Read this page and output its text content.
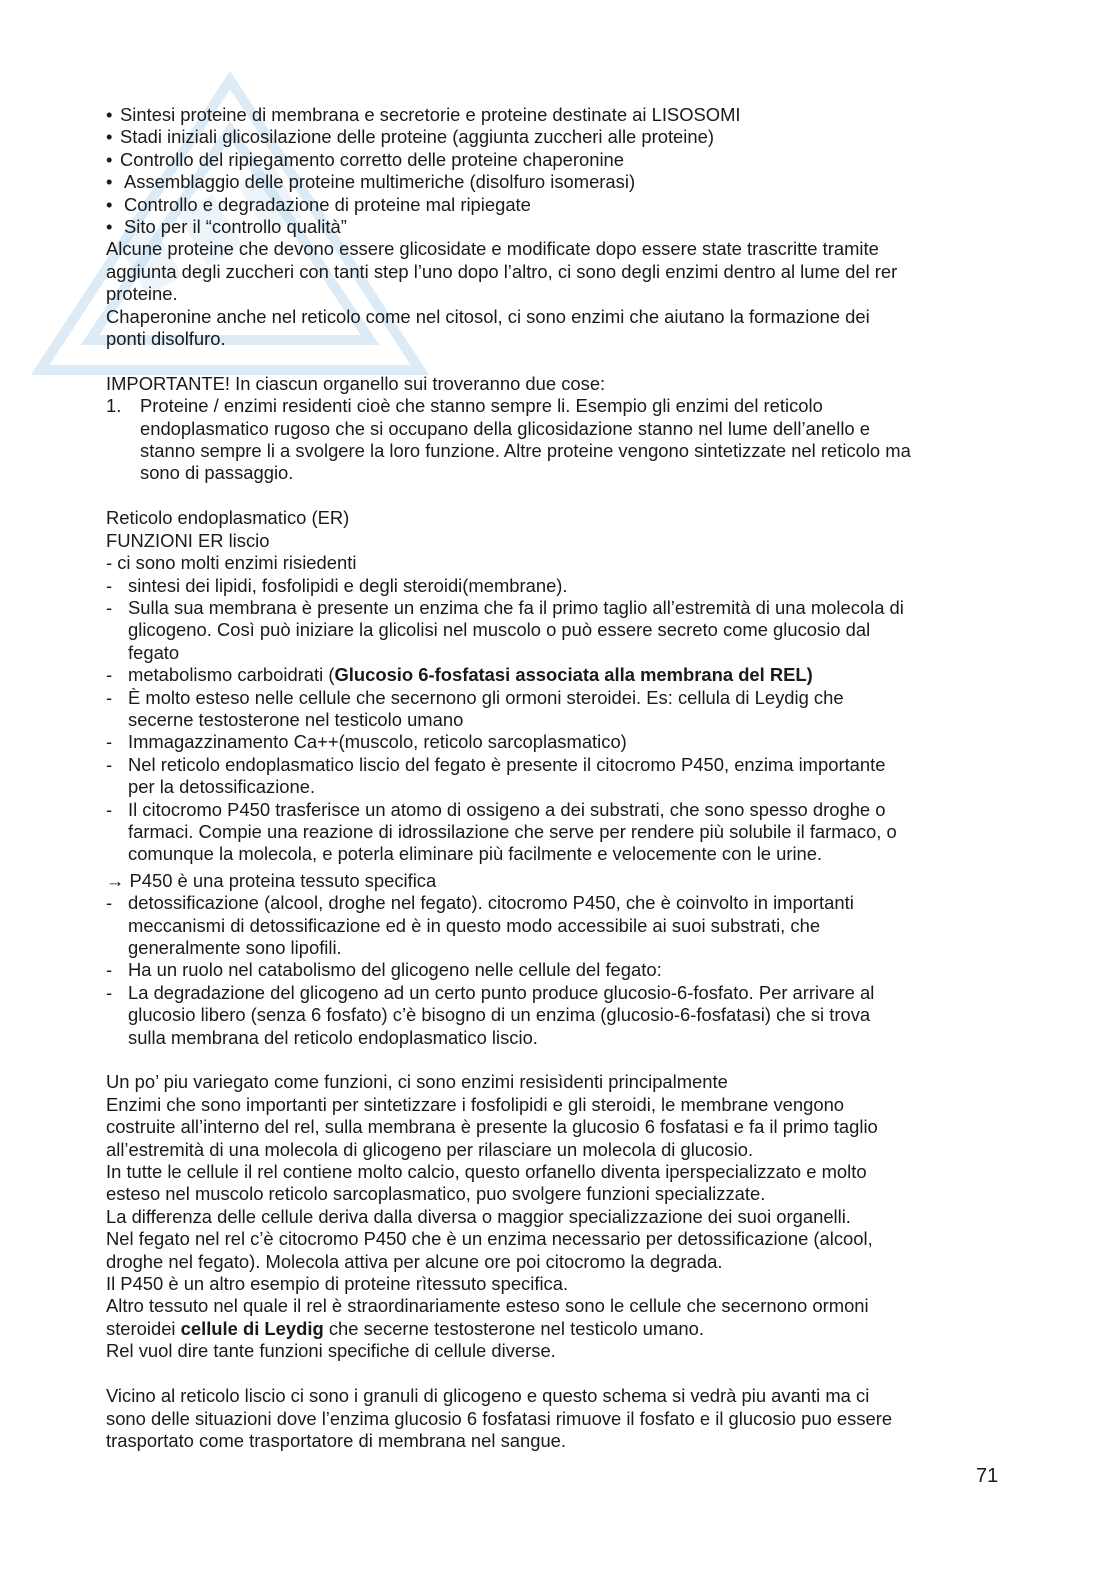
• Sintesi proteine di membrana e secretorie e proteine destinate ai LISOSOMI
• Stadi iniziali glicosilazione delle proteine (aggiunta zuccheri alle proteine)
• Controllo del ripiegamento corretto delle proteine chaperonine
• Assemblaggio delle proteine multimeriche (disolfuro isomerasi)
• Controllo e degradazione di proteine mal ripiegate
• Sito per il “controllo qualità”
Alcune proteine che devono essere glicosidate e modificate dopo essere state trascritte tramite
aggiunta degli zuccheri con tanti step l’uno dopo l’altro, ci sono degli enzimi dentro al lume del rer
proteine.
Chaperonine anche nel reticolo come nel citosol, ci sono enzimi che aiutano la formazione dei
ponti disolfuro.
IMPORTANTE! In ciascun organello sui troveranno due cose:
1.	Proteine / enzimi residenti cioè che stanno sempre li. Esempio gli enzimi del reticolo
endoplasmatico rugoso che si occupano della glicosidazione stanno nel lume dell’anello e
stanno sempre li a svolgere la loro funzione. Altre proteine vengono sintetizzate nel reticolo ma
sono di passaggio.
Reticolo endoplasmatico (ER)
FUNZIONI ER liscio
- ci sono molti enzimi risiedenti
- sintesi dei lipidi, fosfolipidi e degli steroidi(membrane).
- Sulla sua membrana è presente un enzima che fa il primo taglio all’estremità di una molecola di
glicogeno. Così può iniziare la glicolisi nel muscolo o può essere secreto come glucosio dal
fegato
- metabolismo carboidrati (Glucosio 6-fosfatasi associata alla membrana del REL)
- È molto esteso nelle cellule che secernono gli ormoni steroidei. Es: cellula di Leydig che
secerne testosterone nel testicolo umano
- Immagazzinamento Ca++(muscolo, reticolo sarcoplasmatico)
- Nel reticolo endoplasmatico liscio del fegato è presente il citocromo P450, enzima importante
per la detossificazione.
- Il citocromo P450 trasferisce un atomo di ossigeno a dei substrati, che sono spesso droghe o
farmaci. Compie una reazione di idrossilazione che serve per rendere più solubile il farmaco, o
comunque la molecola, e poterla eliminare più facilmente e velocemente con le urine.
→ P450 è una proteina tessuto specifica
- detossificazione (alcool, droghe nel fegato). citocromo P450, che è coinvolto in importanti
meccanismi di detossificazione ed è in questo modo accessibile ai suoi substrati, che
generalmente sono lipofili.
- Ha un ruolo nel catabolismo del glicogeno nelle cellule del fegato:
- La degradazione del glicogeno ad un certo punto produce glucosio-6-fosfato. Per arrivare al
glucosio libero (senza 6 fosfato) c’è bisogno di un enzima (glucosio-6-fosfatasi) che si trova
sulla membrana del reticolo endoplasmatico liscio.
Un po’ piu variegato come funzioni, ci sono enzimi resisìdenti principalmente
Enzimi che sono importanti per sintetizzare i fosfolipidi e gli steroidi, le membrane vengono
costruite all’interno del rel, sulla membrana è presente la glucosio 6 fosfatasi e fa il primo taglio
all’estremità di una molecola di glicogeno per rilasciare un molecola di glucosio.
In tutte le cellule il rel contiene molto calcio, questo orfanello diventa iperspecializzato e molto
esteso nel muscolo reticolo sarcoplasmatico, puo svolgere funzioni specializzate.
La differenza delle cellule deriva dalla diversa o maggior specializzazione dei suoi organelli.
Nel fegato nel rel c’è citocromo P450 che è un enzima necessario per detossificazione (alcool,
droghe nel fegato). Molecola attiva per alcune ore poi citocromo la degrada.
Il P450 è un altro esempio di proteine rìtessuto specifica.
Altro tessuto nel quale il rel è straordinariamente esteso sono le cellule che secernono ormoni
steroidei cellule di Leydig che secerne testosterone nel testicolo umano.
Rel vuol dire tante funzioni specifiche di cellule diverse.
Vicino al reticolo liscio ci sono i granuli di glicogeno e questo schema si vedrà piu avanti ma ci
sono delle situazioni dove l’enzima glucosio 6 fosfatasi rimuove il fosfato e il glucosio puo essere
trasportato come trasportatore di membrana nel sangue.
71
